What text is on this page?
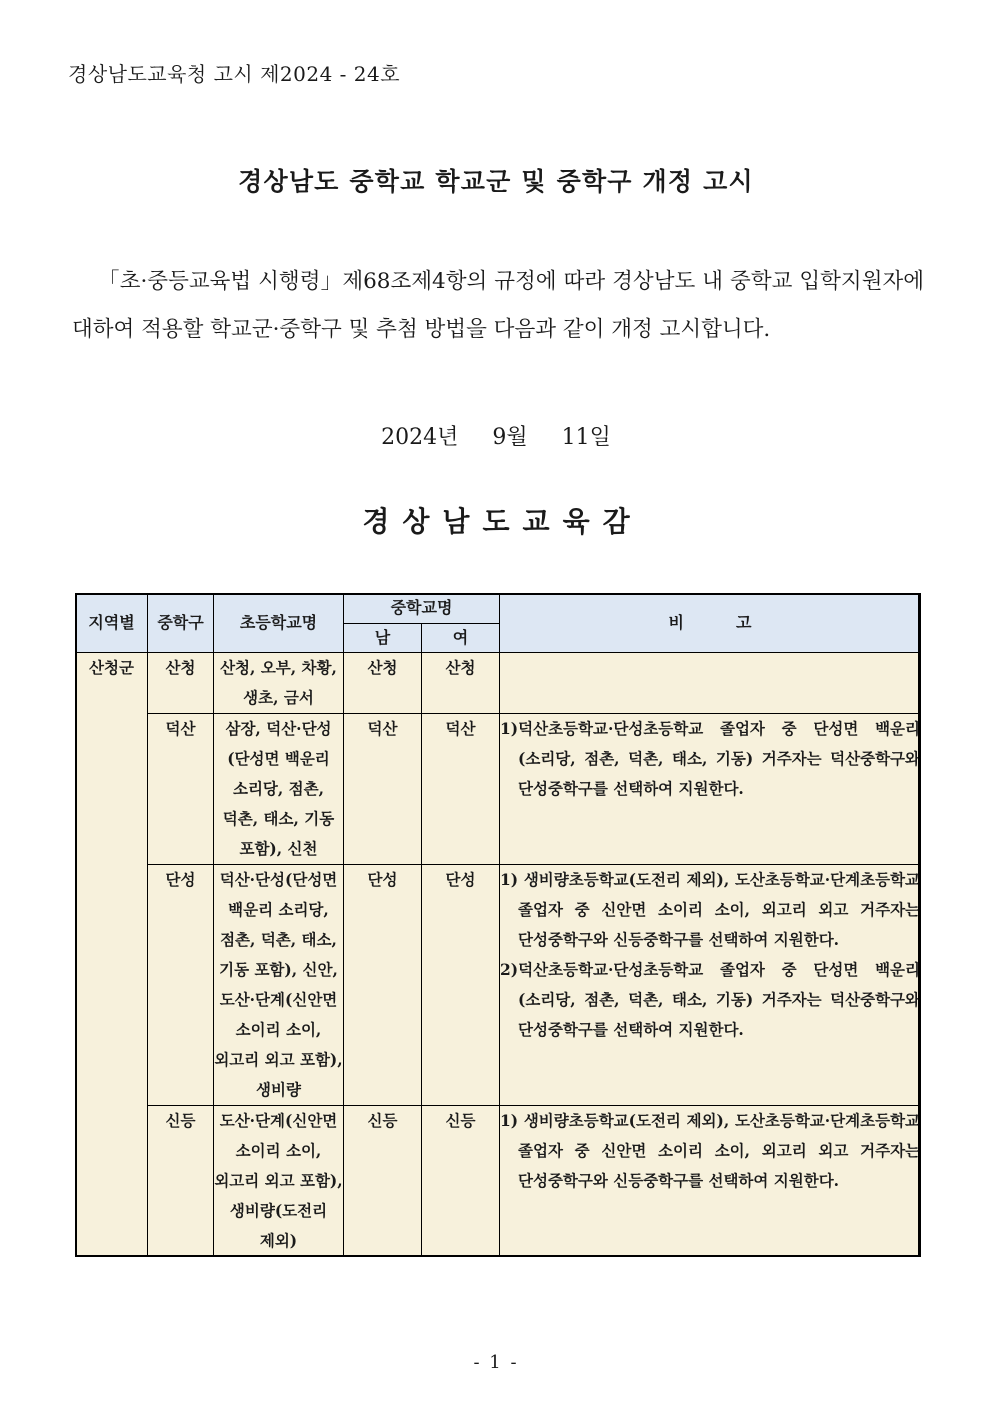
경상남도교육청 고시 제2024 - 24호
경상남도 중학교 학교군 및 중학구 개정 고시

「초·중등교육법 시행령」제68조제4항의 규정에 따라 경상남도 내 중학교 입학지원자에 대하여 적용할 학교군·중학구 및 추첨 방법을 다음과 같이 개정 고시합니다.

2024년 9월 11일
경상남도교육감
지역별	중학구	초등학교명	중학교명		비 고
			남	여	
산청군	산청	산청, 오부, 차황, 생초, 금서	산청	산청	
	덕산	삼장, 덕산·단성(단성면 백운리 소리당, 점촌, 덕촌, 태소, 기동 포함), 신천	덕산	덕산	1)덕산초등학교·단성초등학교 졸업자 중 단성면 백운리(소리당, 점촌, 덕촌, 태소, 기동) 거주자는 덕산중학구와 단성중학구를 선택하여 지원한다.

	단성	덕산·단성(단성면 백운리 소리당, 점촌, 덕촌, 태소, 기동 포함), 신안, 도산·단계(신안면 소이리 소이, 외고리 외고 포함), 생비량	단성	단성	1) 생비량초등학교(도전리 제외), 도산초등학교·단계초등학교 졸업자 중 신안면 소이리 소이, 외고리 외고 거주자는 단성중학구와 신등중학구를 선택하여 지원한다.
2)덕산초등학교·단성초등학교 졸업자 중 단성면 백운리(소리당, 점촌, 덕촌, 태소, 기동) 거주자는 덕산중학구와 단성중학구를 선택하여 지원한다.

	신등	도산·단계(신안면 소이리 소이, 외고리 외고 포함), 생비량(도전리 제외)	신등	신등	1) 생비량초등학교(도전리 제외), 도산초등학교·단계초등학교 졸업자 중 신안면 소이리 소이, 외고리 외고 거주자는 단성중학구와 신등중학구를 선택하여 지원한다.
- 1 -
